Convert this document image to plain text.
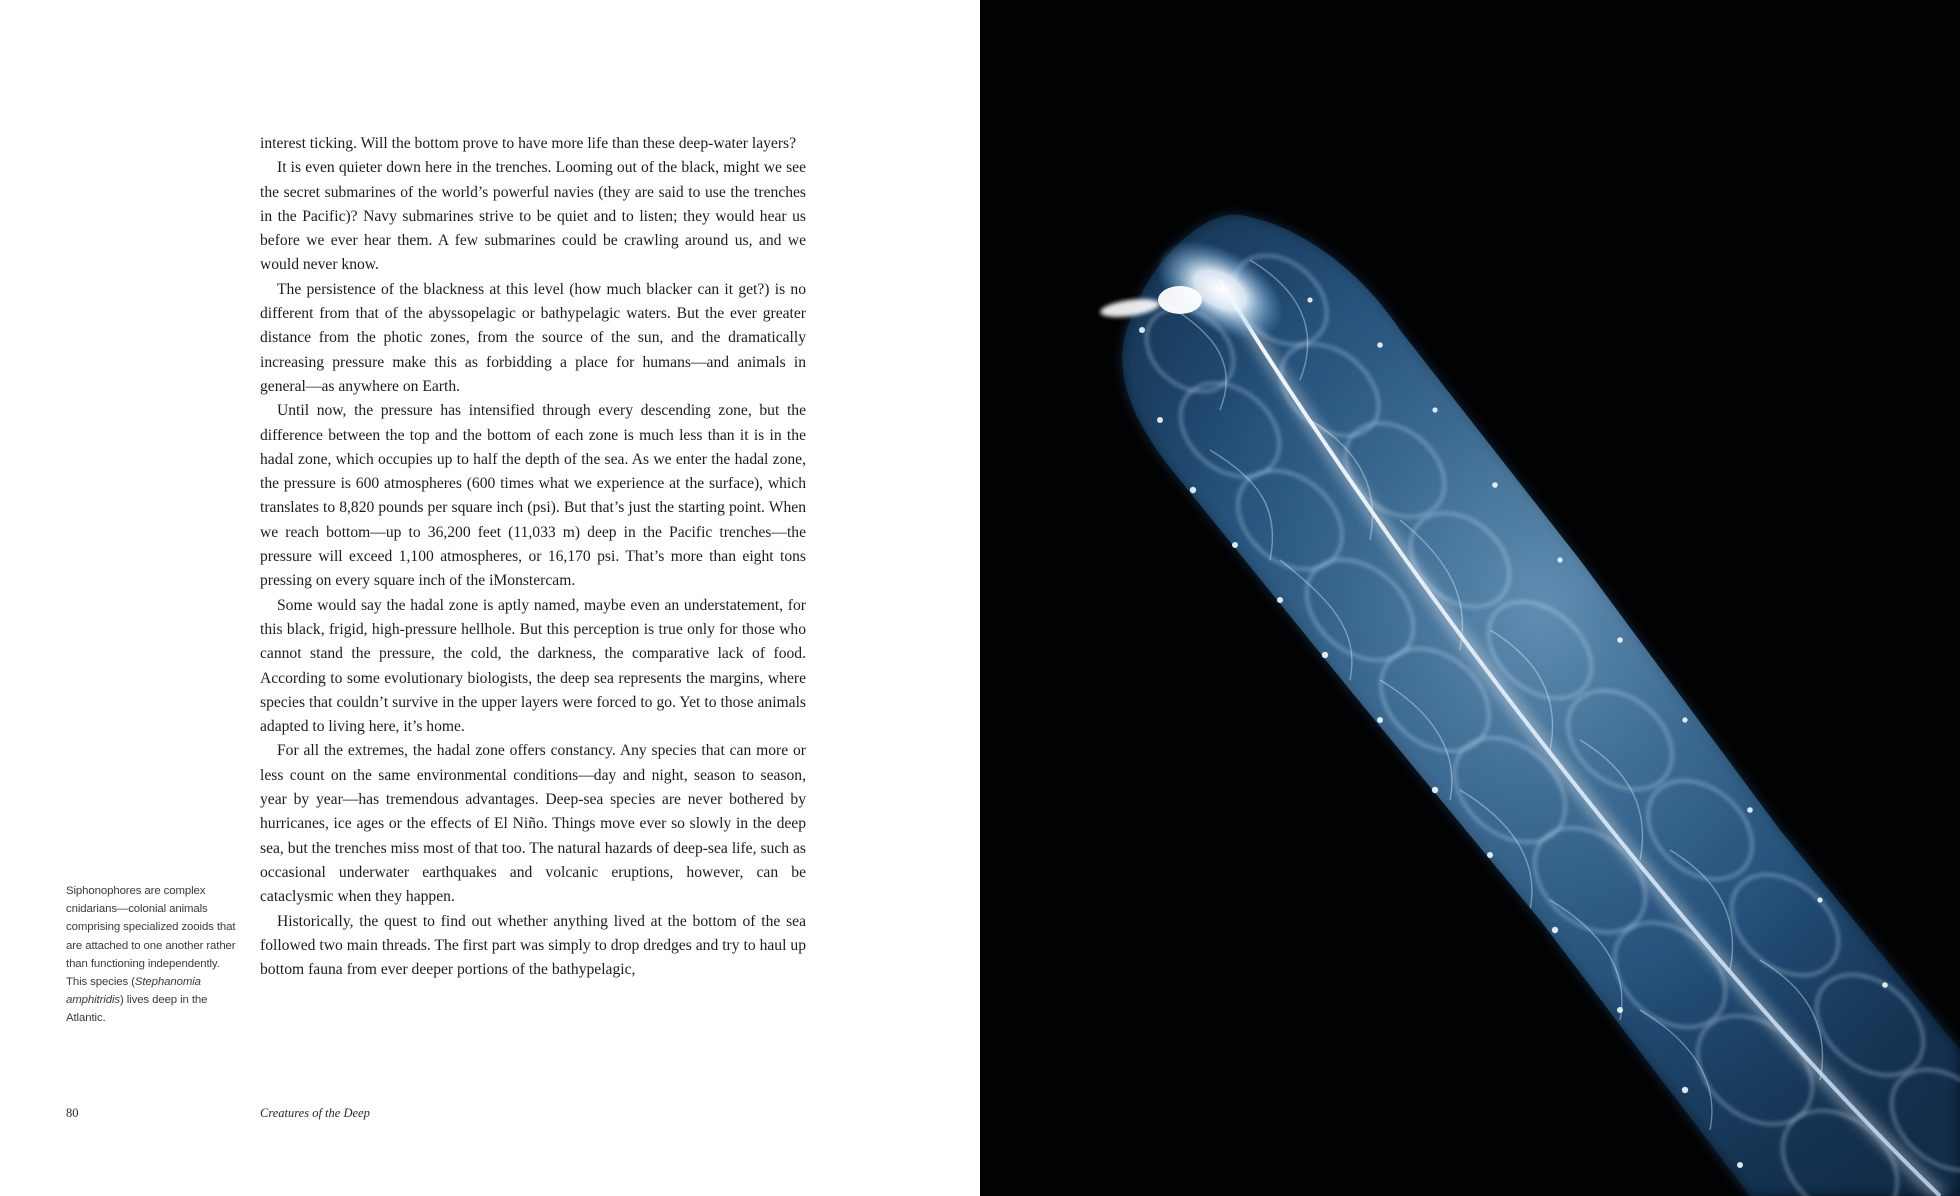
interest ticking. Will the bottom prove to have more life than these deep-water layers?

It is even quieter down here in the trenches. Looming out of the black, might we see the secret submarines of the world’s powerful navies (they are said to use the trenches in the Pacific)? Navy submarines strive to be quiet and to listen; they would hear us before we ever hear them. A few submarines could be crawling around us, and we would never know.

The persistence of the blackness at this level (how much blacker can it get?) is no different from that of the abyssopelagic or bathypelagic waters. But the ever greater distance from the photic zones, from the source of the sun, and the dramatically increasing pressure make this as forbidding a place for humans—and animals in general—as anywhere on Earth.

Until now, the pressure has intensified through every descending zone, but the difference between the top and the bottom of each zone is much less than it is in the hadal zone, which occupies up to half the depth of the sea. As we enter the hadal zone, the pressure is 600 atmospheres (600 times what we experience at the surface), which translates to 8,820 pounds per square inch (psi). But that’s just the starting point. When we reach bottom—up to 36,200 feet (11,033 m) deep in the Pacific trenches—the pressure will exceed 1,100 atmospheres, or 16,170 psi. That’s more than eight tons pressing on every square inch of the iMonstercam.

Some would say the hadal zone is aptly named, maybe even an understatement, for this black, frigid, high-pressure hellhole. But this perception is true only for those who cannot stand the pressure, the cold, the darkness, the comparative lack of food. According to some evolutionary biologists, the deep sea represents the margins, where species that couldn’t survive in the upper layers were forced to go. Yet to those animals adapted to living here, it’s home.

For all the extremes, the hadal zone offers constancy. Any species that can more or less count on the same environmental conditions—day and night, season to season, year by year—has tremendous advantages. Deep-sea species are never bothered by hurricanes, ice ages or the effects of El Niño. Things move ever so slowly in the deep sea, but the trenches miss most of that too. The natural hazards of deep-sea life, such as occasional underwater earthquakes and volcanic eruptions, however, can be cataclysmic when they happen.

Historically, the quest to find out whether anything lived at the bottom of the sea followed two main threads. The first part was simply to drop dredges and try to haul up bottom fauna from ever deeper portions of the bathypelagic,

Siphonophores are complex cnidarians—colonial animals comprising specialized zooids that are attached to one another rather than functioning independently. This species (Stephanomia amphitridis) lives deep in the Atlantic.
80	Creatures of the Deep
